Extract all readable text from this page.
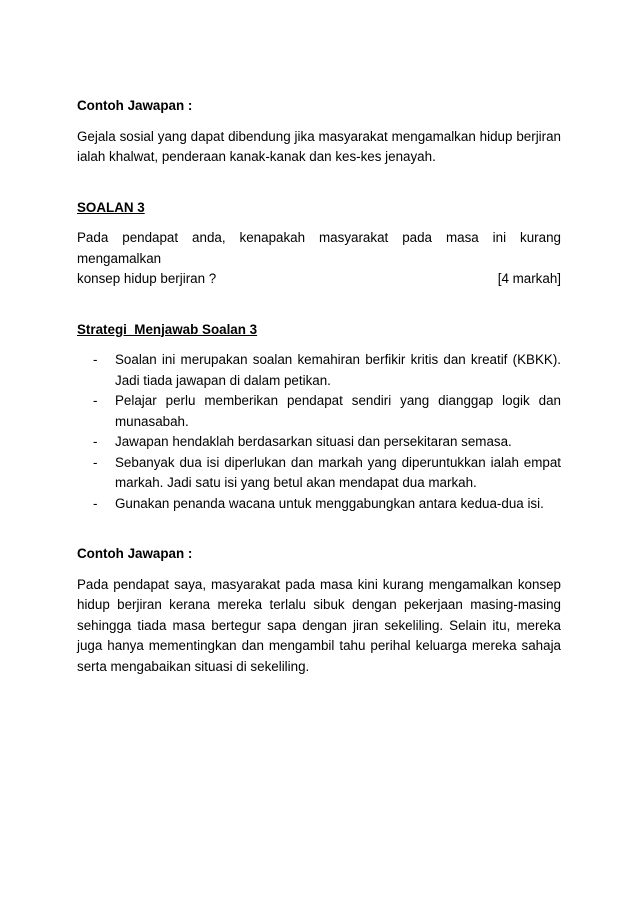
Contoh Jawapan :

Gejala sosial yang dapat dibendung jika masyarakat mengamalkan hidup berjiran ialah khalwat, penderaan kanak-kanak dan kes-kes jenayah.

SOALAN 3

Pada pendapat anda, kenapakah masyarakat pada masa ini kurang mengamalkan

konsep hidup berjiran ?	[4 markah]

Strategi  Menjawab Soalan 3

- Soalan ini merupakan soalan kemahiran berfikir kritis dan kreatif (KBKK). Jadi tiada jawapan di dalam petikan.
- Pelajar perlu memberikan pendapat sendiri yang dianggap logik dan munasabah.
- Jawapan hendaklah berdasarkan situasi dan persekitaran semasa.
- Sebanyak dua isi diperlukan dan markah yang diperuntukkan ialah empat markah. Jadi satu isi yang betul akan mendapat dua markah.
- Gunakan penanda wacana untuk menggabungkan antara kedua-dua isi.

Contoh Jawapan :

Pada pendapat saya, masyarakat pada masa kini kurang mengamalkan konsep hidup berjiran kerana mereka terlalu sibuk dengan pekerjaan masing-masing sehingga tiada masa bertegur sapa dengan jiran sekeliling. Selain itu, mereka juga hanya mementingkan dan mengambil tahu perihal keluarga mereka sahaja serta mengabaikan situasi di sekeliling.
